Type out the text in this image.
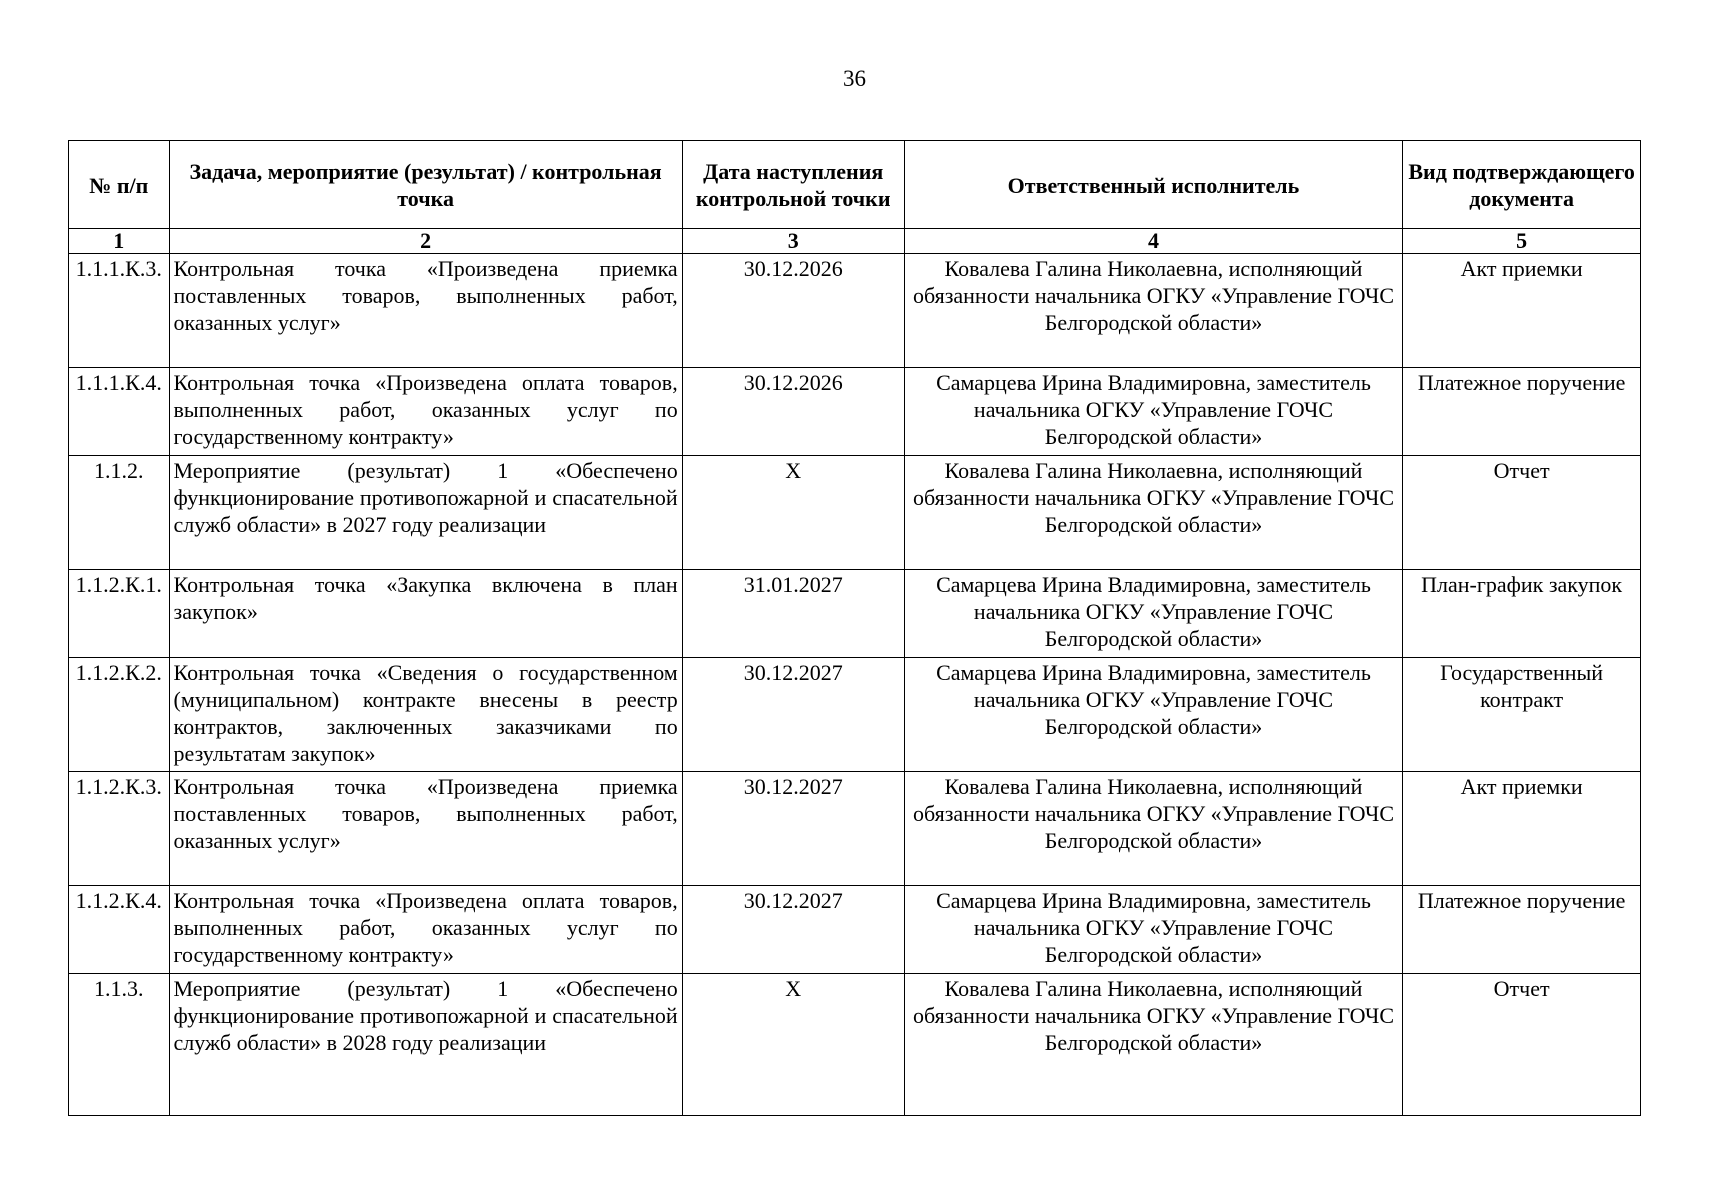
36
№ п/п	Задача, мероприятие (результат) / контрольная точка	Дата наступления контрольной точки	Ответственный исполнитель	Вид подтверждающего документа
1	2	3	4	5
1.1.1.К.3.	Контрольная точка «Произведена приемка поставленных товаров, выполненных работ, оказанных услуг»	30.12.2026	Ковалева Галина Николаевна, исполняющий обязанности начальника ОГКУ «Управление ГОЧС Белгородской области»	Акт приемки
1.1.1.К.4.	Контрольная точка «Произведена оплата товаров, выполненных работ, оказанных услуг по государственному контракту»	30.12.2026	Самарцева Ирина Владимировна, заместитель начальника ОГКУ «Управление ГОЧС Белгородской области»	Платежное поручение
1.1.2.	Мероприятие (результат) 1 «Обеспечено функционирование противопожарной и спасательной служб области» в 2027 году реализации	X	Ковалева Галина Николаевна, исполняющий обязанности начальника ОГКУ «Управление ГОЧС Белгородской области»	Отчет
1.1.2.К.1.	Контрольная точка «Закупка включена в план закупок»	31.01.2027	Самарцева Ирина Владимировна, заместитель начальника ОГКУ «Управление ГОЧС Белгородской области»	План-график закупок
1.1.2.К.2.	Контрольная точка «Сведения о государственном (муниципальном) контракте внесены в реестр контрактов, заключенных заказчиками по результатам закупок»	30.12.2027	Самарцева Ирина Владимировна, заместитель начальника ОГКУ «Управление ГОЧС Белгородской области»	Государственный контракт
1.1.2.К.3.	Контрольная точка «Произведена приемка поставленных товаров, выполненных работ, оказанных услуг»	30.12.2027	Ковалева Галина Николаевна, исполняющий обязанности начальника ОГКУ «Управление ГОЧС Белгородской области»	Акт приемки
1.1.2.К.4.	Контрольная точка «Произведена оплата товаров, выполненных работ, оказанных услуг по государственному контракту»	30.12.2027	Самарцева Ирина Владимировна, заместитель начальника ОГКУ «Управление ГОЧС Белгородской области»	Платежное поручение
1.1.3.	Мероприятие (результат) 1 «Обеспечено функционирование противопожарной и спасательной служб области» в 2028 году реализации	X	Ковалева Галина Николаевна, исполняющий обязанности начальника ОГКУ «Управление ГОЧС Белгородской области»	Отчет
